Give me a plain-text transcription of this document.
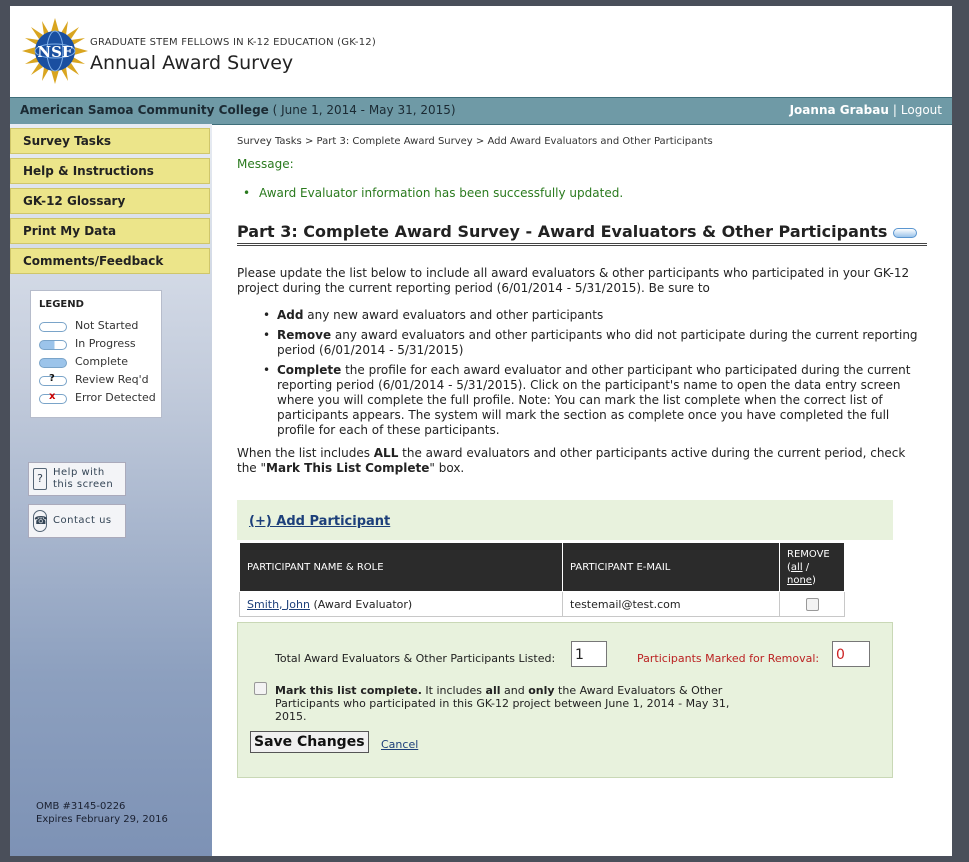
NSF
GRADUATE STEM FELLOWS IN K-12 EDUCATION (GK-12)
Annual Award Survey
American Samoa Community College ( June 1, 2014 - May 31, 2015)	Joanna Grabau | Logout
Survey Tasks
Help & Instructions
GK-12 Glossary
Print My Data
Comments/Feedback
LEGEND
Not Started
In Progress
Complete
? Review Req'd
x Error Detected
?	Help with
this screen
☎ Contact us
OMB #3145-0226
Expires February 29, 2016
Survey Tasks > Part 3: Complete Award Survey > Add Award Evaluators and Other Participants
Message:
• Award Evaluator information has been successfully updated.
Part 3: Complete Award Survey - Award Evaluators & Other Participants
Please update the list below to include all award evaluators & other participants who participated in your GK-12 project during the current reporting period (6/01/2014 - 5/31/2015). Be sure to
• Add any new award evaluators and other participants
• Remove any award evaluators and other participants who did not participate during the current reporting period (6/01/2014 - 5/31/2015)
• Complete the profile for each award evaluator and other participant who participated during the current reporting period (6/01/2014 - 5/31/2015). Click on the participant's name to open the data entry screen where you will complete the full profile. Note: You can mark the list complete when the correct list of participants appears. The system will mark the section as complete once you have completed the full profile for each of these participants.
When the list includes ALL the award evaluators and other participants active during the current period, check the "Mark This List Complete" box.
(+) Add Participant
PARTICIPANT NAME & ROLE	PARTICIPANT E-MAIL	REMOVE
(all /
none)
Smith, John (Award Evaluator)	testemail@test.com	
Total Award Evaluators & Other Participants Listed: 1	Participants Marked for Removal: 0
Mark this list complete. It includes all and only the Award Evaluators & Other Participants who participated in this GK-12 project between June 1, 2014 - May 31, 2015.
Save Changes	Cancel
